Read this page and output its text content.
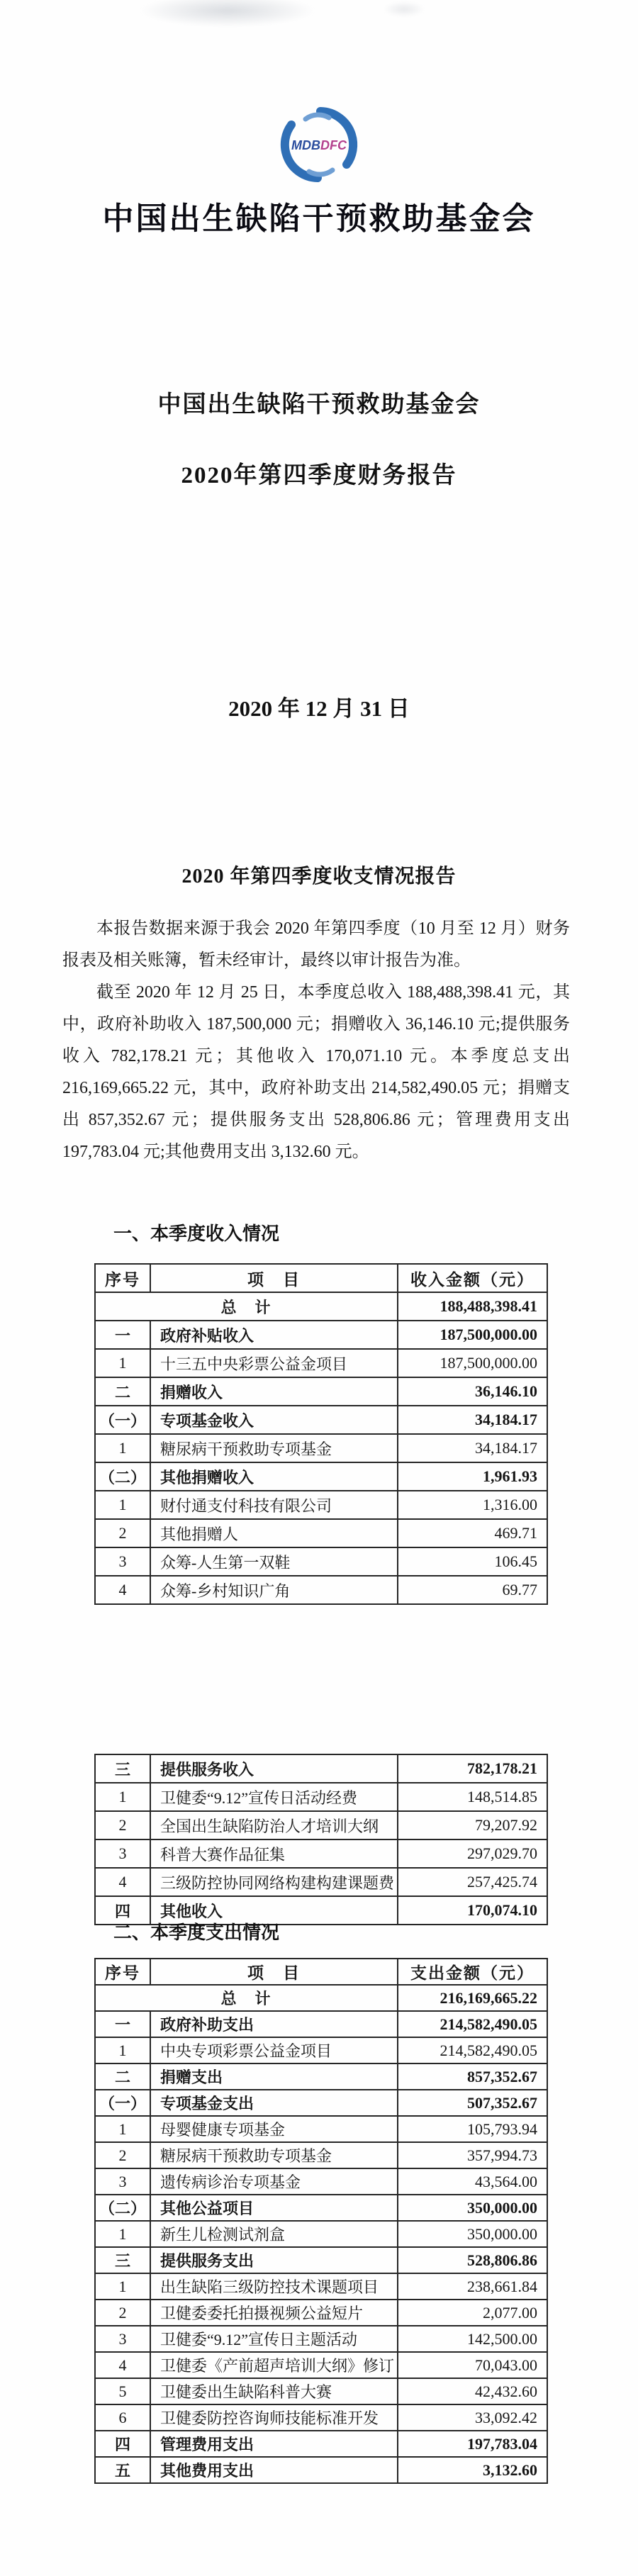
MDBDFC
中国出生缺陷干预救助基金会
中国出生缺陷干预救助基金会
2020年第四季度财务报告
2020 年 12 月 31 日
2020 年第四季度收支情况报告

本报告数据来源于我会 2020 年第四季度（10 月至 12 月）财务报表及相关账簿，暂未经审计，最终以审计报告为准。

截至 2020 年 12 月 25 日，本季度总收入 188,488,398.41 元，其中，政府补助收入 187,500,000 元；捐赠收入 36,146.10 元;提供服务收入 782,178.21 元；其他收入 170,071.10 元。本季度总支出 216,169,665.22 元，其中，政府补助支出 214,582,490.05 元；捐赠支出 857,352.67 元；提供服务支出 528,806.86 元；管理费用支出 197,783.04 元;其他费用支出 3,132.60 元。

一、本季度收入情况
序号	项　目	收入金额（元）
总　计		188,488,398.41
一	政府补贴收入	187,500,000.00
1	十三五中央彩票公益金项目	187,500,000.00
二	捐赠收入	36,146.10
（一）	专项基金收入	34,184.17
1	糖尿病干预救助专项基金	34,184.17
（二）	其他捐赠收入	1,961.93
1	财付通支付科技有限公司	1,316.00
2	其他捐赠人	469.71
3	众筹-人生第一双鞋	106.45
4	众筹-乡村知识广角	69.77
三	提供服务收入	782,178.21
1	卫健委“9.12”宣传日活动经费	148,514.85
2	全国出生缺陷防治人才培训大纲	79,207.92
3	科普大赛作品征集	297,029.70
4	三级防控协同网络构建构建课题费	257,425.74
四	其他收入	170,074.10
二、本季度支出情况
序号	项　目	支出金额（元）
总　计		216,169,665.22
一	政府补助支出	214,582,490.05
1	中央专项彩票公益金项目	214,582,490.05
二	捐赠支出	857,352.67
（一）	专项基金支出	507,352.67
1	母婴健康专项基金	105,793.94
2	糖尿病干预救助专项基金	357,994.73
3	遗传病诊治专项基金	43,564.00
（二）	其他公益项目	350,000.00
1	新生儿检测试剂盒	350,000.00
三	提供服务支出	528,806.86
1	出生缺陷三级防控技术课题项目	238,661.84
2	卫健委委托拍摄视频公益短片	2,077.00
3	卫健委“9.12”宣传日主题活动	142,500.00
4	卫健委《产前超声培训大纲》修订	70,043.00
5	卫健委出生缺陷科普大赛	42,432.60
6	卫健委防控咨询师技能标准开发	33,092.42
四	管理费用支出	197,783.04
五	其他费用支出	3,132.60
